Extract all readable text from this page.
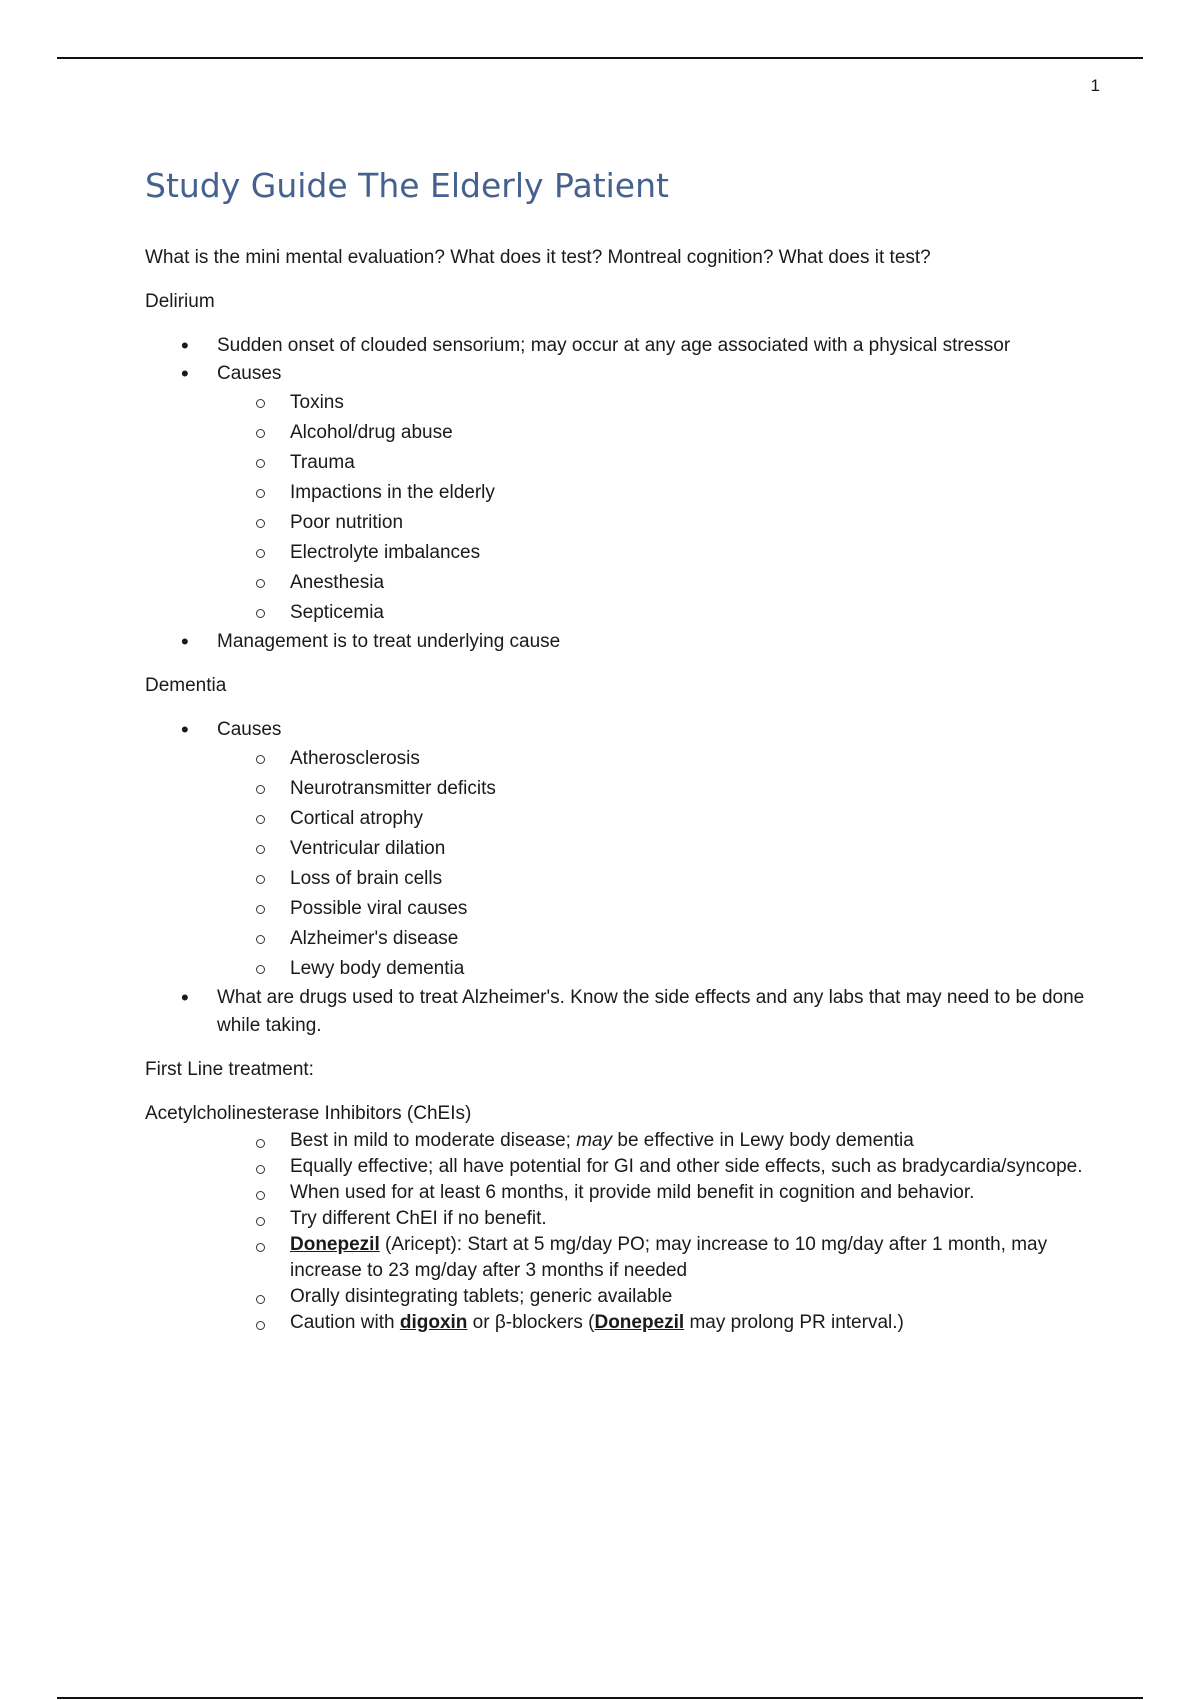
1
Study Guide The Elderly Patient

What is the mini mental evaluation? What does it test? Montreal cognition? What does it test?

Delirium

• Sudden onset of clouded sensorium; may occur at any age associated with a physical stressor
• Causes
Toxins
Alcohol/drug abuse
Trauma
Impactions in the elderly
Poor nutrition
Electrolyte imbalances
Anesthesia
Septicemia
• Management is to treat underlying cause

Dementia

• Causes
Atherosclerosis
Neurotransmitter deficits
Cortical atrophy
Ventricular dilation
Loss of brain cells
Possible viral causes
Alzheimer's disease
Lewy body dementia
• What are drugs used to treat Alzheimer's. Know the side effects and any labs that may need to be done while taking.

First Line treatment:

Acetylcholinesterase Inhibitors (ChEIs)

Best in mild to moderate disease; may be effective in Lewy body dementia
Equally effective; all have potential for GI and other side effects, such as bradycardia/syncope.
When used for at least 6 months, it provide mild benefit in cognition and behavior.
Try different ChEI if no benefit.
Donepezil (Aricept): Start at 5 mg/day PO; may increase to 10 mg/day after 1 month, may increase to 23 mg/day after 3 months if needed
Orally disintegrating tablets; generic available
Caution with digoxin or β-blockers (Donepezil may prolong PR interval.)
